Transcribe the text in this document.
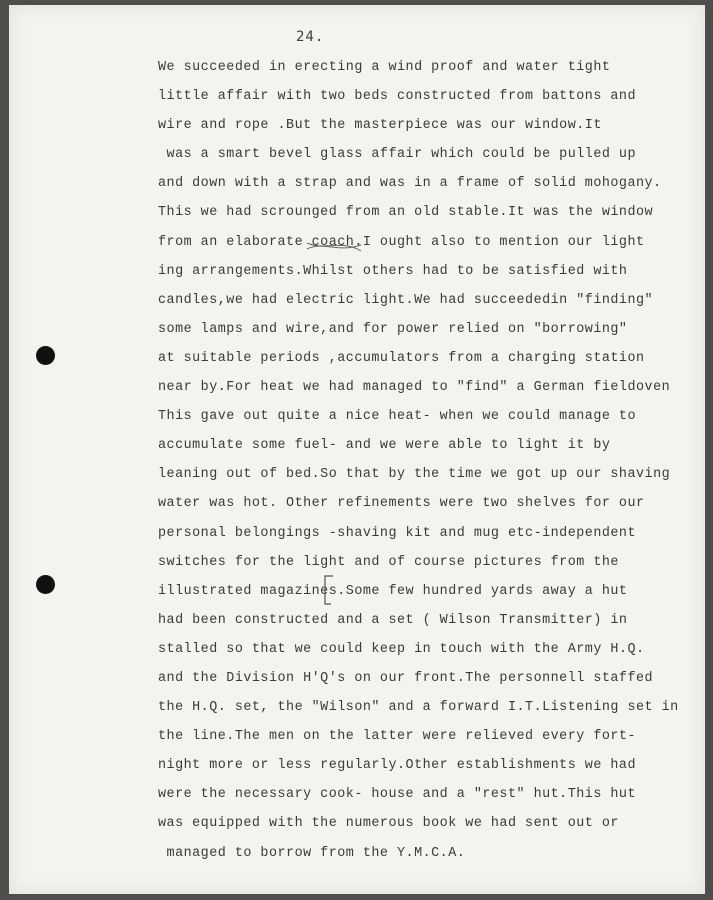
24.
We succeeded in erecting a wind proof and water tight
little affair with two beds constructed from battons and
wire and rope .But the masterpiece was our window.It
was a smart bevel glass affair which could be pulled up
and down with a strap and was in a frame of solid mohogany.
This we had scrounged from an old stable.It was the window
from an elaborate coach.I ought also to mention our light
ing arrangements.Whilst others had to be satisfied with
candles,we had electric light.We had succeededin "finding"
some lamps and wire,and for power relied on "borrowing"
at suitable periods ,accumulators from a charging station
near by.For heat we had managed to "find" a German fieldoven
This gave out quite a nice heat- when we could manage to
accumulate some fuel- and we were able to light it by
leaning out of bed.So that by the time we got up our shaving
water was hot. Other refinements were two shelves for our
personal belongings -shaving kit and mug etc-independent
switches for the light and of course pictures from the
illustrated magazines.Some few hundred yards away a hut
had been constructed and a set ( Wilson Transmitter) in
stalled so that we could keep in touch with the Army H.Q.
and the Division H'Q's on our front.The personnell staffed
the H.Q. set, the "Wilson" and a forward I.T.Listening set in
the line.The men on the latter were relieved every fort-
night more or less regularly.Other establishments we had
were the necessary cook- house and a "rest" hut.This hut
was equipped with the numerous book we had sent out or
managed to borrow from the Y.M.C.A.
